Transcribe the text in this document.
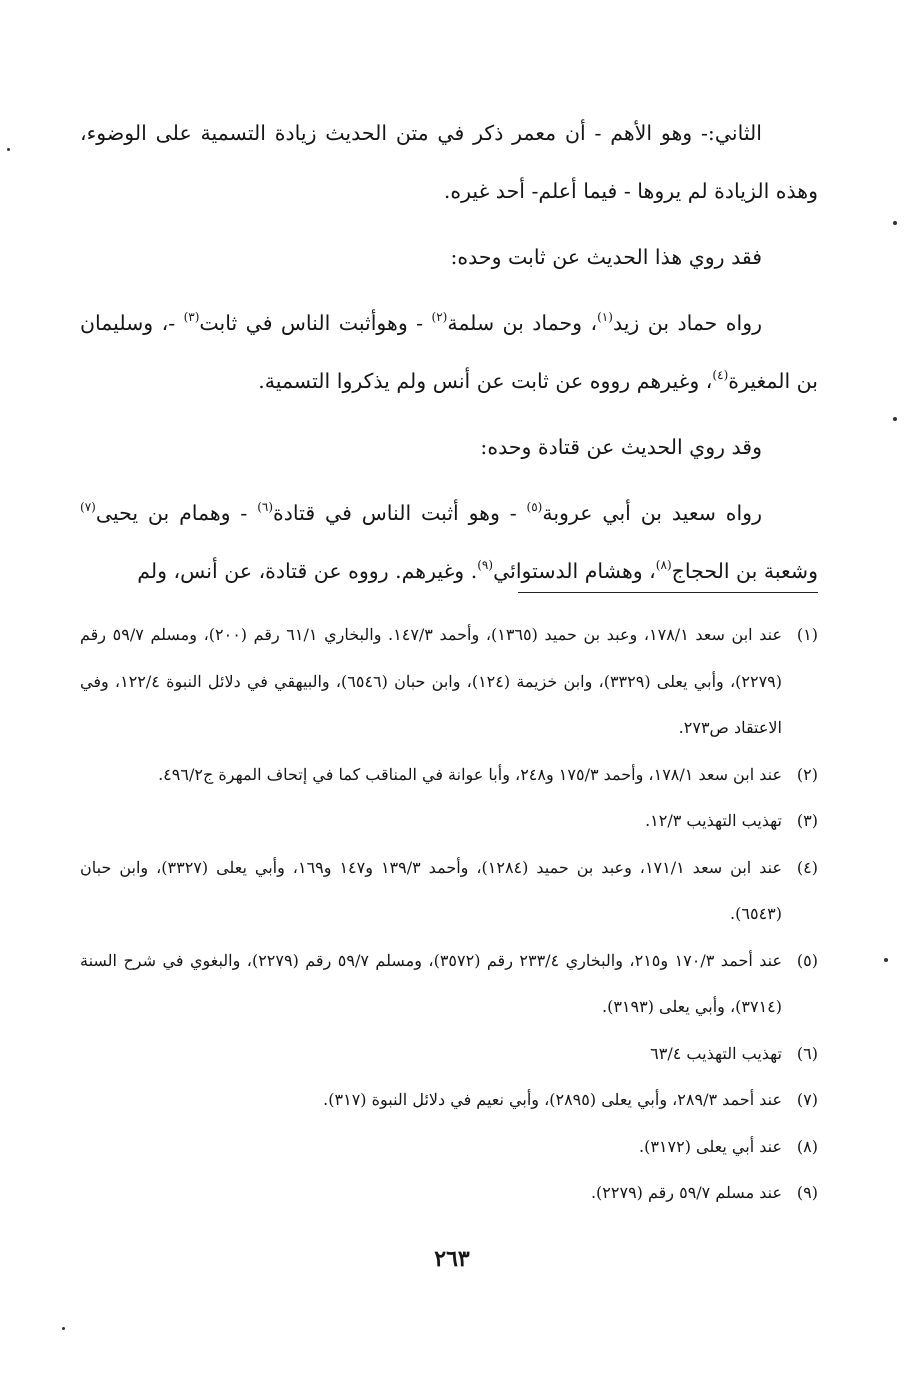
الثاني:- وهو الأهم - أن معمر ذكر في متن الحديث زيادة التسمية على الوضوء، وهذه الزيادة لم يروها - فيما أعلم- أحد غيره.

فقد روي هذا الحديث عن ثابت وحده:

رواه حماد بن زيد$^{(١)}$، وحماد بن سلمة$^{(٢)}$ - وهوأثبت الناس في ثابت$^{(٣)}$ -، وسليمان بن المغيرة$^{(٤)}$، وغيرهم رووه عن ثابت عن أنس ولم يذكروا التسمية.

وقد روي الحديث عن قتادة وحده:

رواه سعيد بن أبي عروبة$^{(٥)}$ - وهو أثبت الناس في قتادة$^{(٦)}$ - وهمام بن يحيى$^{(٧)}$ وشعبة بن الحجاج$^{(٨)}$، وهشام الدستوائي$^{(٩)}$. وغيرهم. رووه عن قتادة، عن أنس، ولم

(١)
عند ابن سعد ١٧٨/١، وعبد بن حميد (١٣٦٥)، وأحمد ١٤٧/٣. والبخاري ٦١/١ رقم (٢٠٠)، ومسلم ٥٩/٧ رقم (٢٢٧٩)، وأبي يعلى (٣٣٢٩)، وابن خزيمة (١٢٤)، وابن حبان (٦٥٤٦)، والبيهقي في دلائل النبوة ١٢٢/٤، وفي الاعتقاد ص٢٧٣.
(٢)
عند ابن سعد ١٧٨/١، وأحمد ١٧٥/٣ و٢٤٨، وأبا عوانة في المناقب كما في إتحاف المهرة ج٤٩٦/٢.
(٣)
تهذيب التهذيب ١٢/٣.
(٤)
عند ابن سعد ١٧١/١، وعبد بن حميد (١٢٨٤)، وأحمد ١٣٩/٣ و١٤٧ و١٦٩، وأبي يعلى (٣٣٢٧)، وابن حبان (٦٥٤٣).
(٥)
عند أحمد ١٧٠/٣ و٢١٥، والبخاري ٢٣٣/٤ رقم (٣٥٧٢)، ومسلم ٥٩/٧ رقم (٢٢٧٩)، والبغوي في شرح السنة (٣٧١٤)، وأبي يعلى (٣١٩٣).
(٦)
تهذيب التهذيب ٦٣/٤
(٧)
عند أحمد ٢٨٩/٣، وأبي يعلى (٢٨٩٥)، وأبي نعيم في دلائل النبوة (٣١٧).
(٨)
عند أبي يعلى (٣١٧٢).
(٩)
عند مسلم ٥٩/٧ رقم (٢٢٧٩).
٢٦٣
